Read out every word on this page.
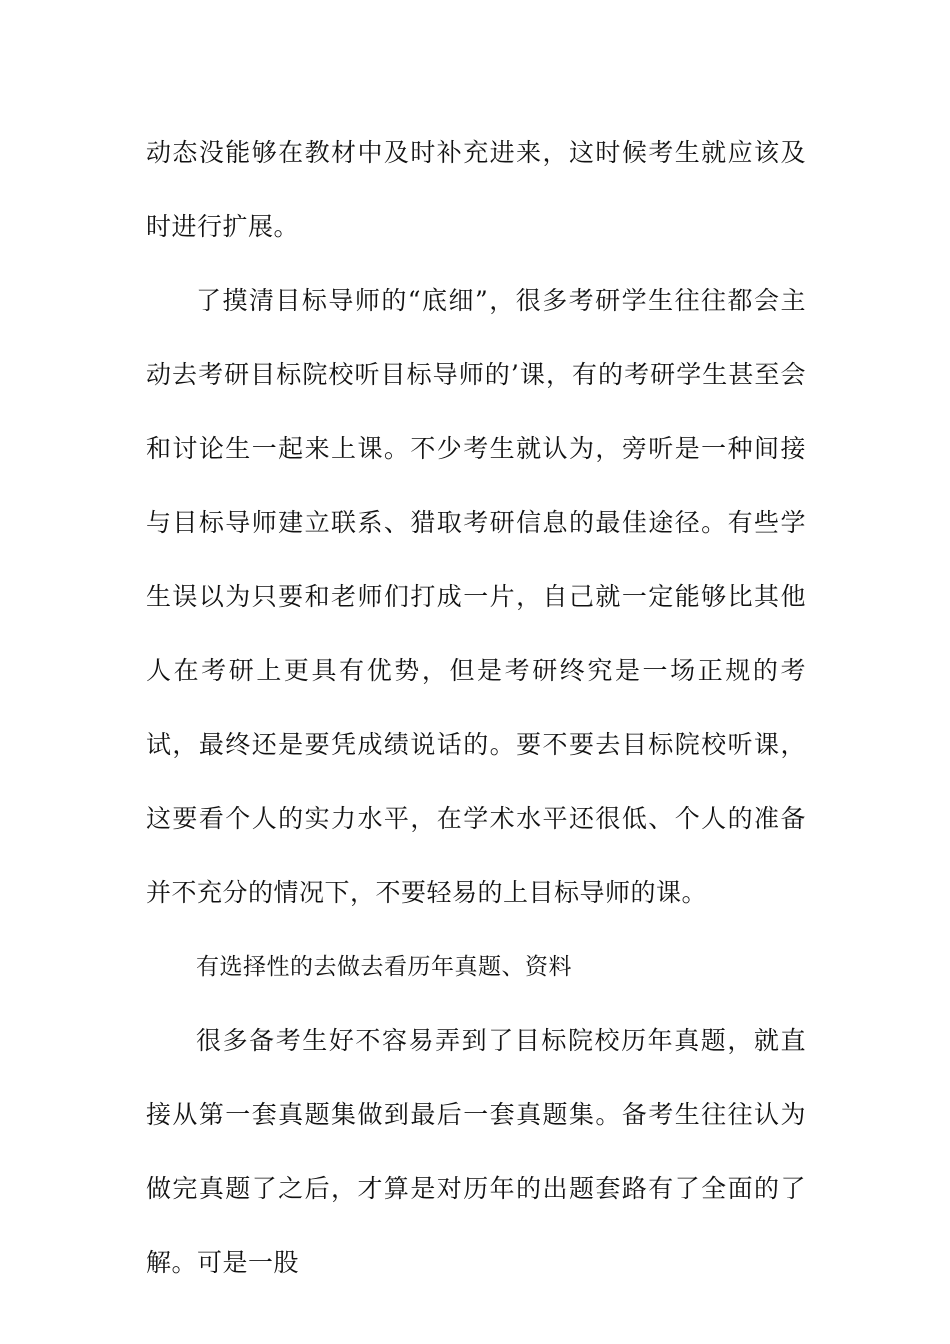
动态没能够在教材中及时补充进来，这时候考生就应该及时进行扩展。

了摸清目标导师的“底细”，很多考研学生往往都会主动去考研目标院校听目标导师的’课，有的考研学生甚至会和讨论生一起来上课。不少考生就认为，旁听是一种间接与目标导师建立联系、猎取考研信息的最佳途径。有些学生误以为只要和老师们打成一片，自己就一定能够比其他人在考研上更具有优势，但是考研终究是一场正规的考试，最终还是要凭成绩说话的。要不要去目标院校听课，这要看个人的实力水平，在学术水平还很低、个人的准备并不充分的情况下，不要轻易的上目标导师的课。

有选择性的去做去看历年真题、资料

很多备考生好不容易弄到了目标院校历年真题，就直接从第一套真题集做到最后一套真题集。备考生往往认为做完真题了之后，才算是对历年的出题套路有了全面的了解。可是一股
